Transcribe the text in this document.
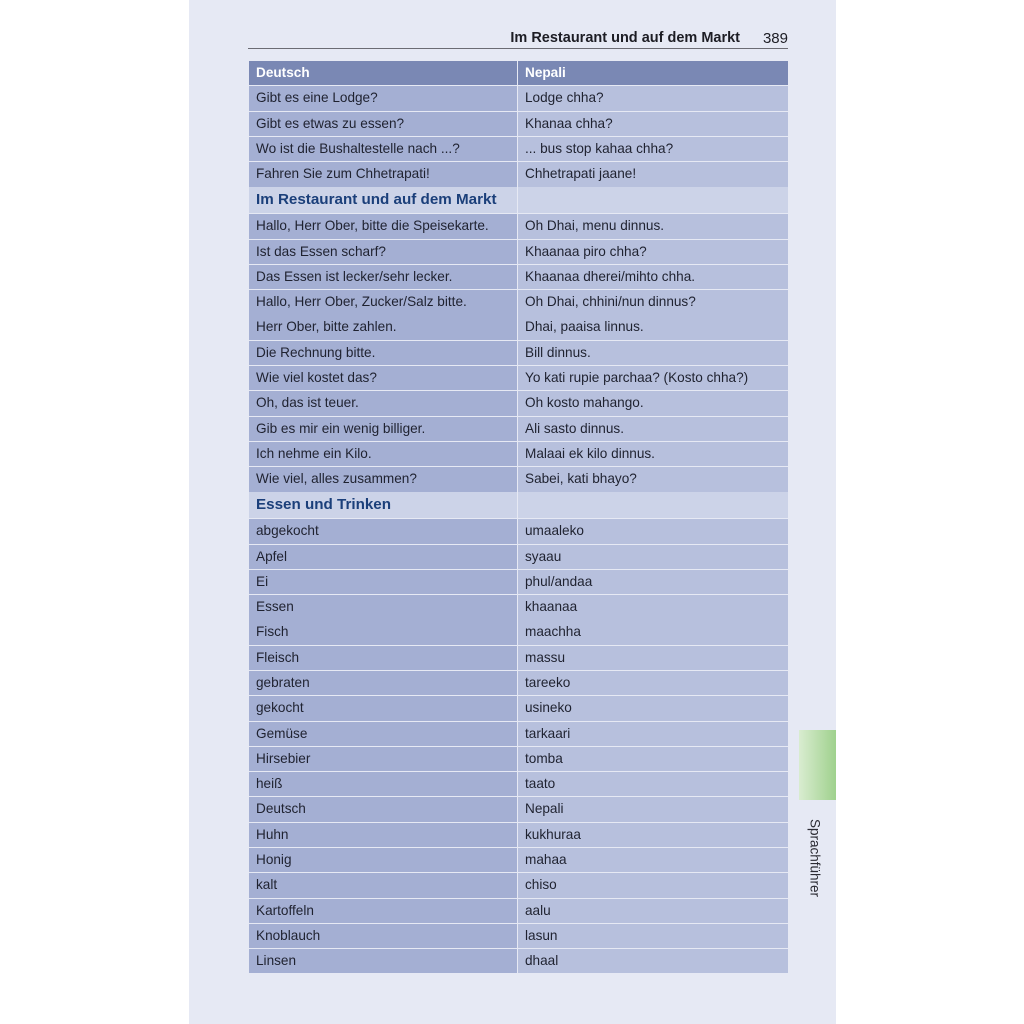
Im Restaurant und auf dem Markt 389
Deutsch	Nepali
Gibt es eine Lodge?	Lodge chha?
Gibt es etwas zu essen?	Khanaa chha?
Wo ist die Bushaltestelle nach ...?	... bus stop kahaa chha?
Fahren Sie zum Chhetrapati!	Chhetrapati jaane!
Im Restaurant und auf dem Markt
Hallo, Herr Ober, bitte die Speisekarte.	Oh Dhai, menu dinnus.
Ist das Essen scharf?	Khaanaa piro chha?
Das Essen ist lecker/sehr lecker.	Khaanaa dherei/mihto chha.
Hallo, Herr Ober, Zucker/Salz bitte.	Oh Dhai, chhini/nun dinnus?
Herr Ober, bitte zahlen.	Dhai, paaisa linnus.
Die Rechnung bitte.	Bill dinnus.
Wie viel kostet das?	Yo kati rupie parchaa? (Kosto chha?)
Oh, das ist teuer.	Oh kosto mahango.
Gib es mir ein wenig billiger.	Ali sasto dinnus.
Ich nehme ein Kilo.	Malaai ek kilo dinnus.
Wie viel, alles zusammen?	Sabei, kati bhayo?
Essen und Trinken
abgekocht	umaaleko
Apfel	syaau
Ei	phul/andaa
Essen	khaanaa
Fisch	maachha
Fleisch	massu
gebraten	tareeko
gekocht	usineko
Gemüse	tarkaari
Hirsebier	tomba
heiß	taato
Deutsch	Nepali
Huhn	kukhuraa
Honig	mahaa
kalt	chiso
Kartoffeln	aalu
Knoblauch	lasun
Linsen	dhaal
Sprachführer
